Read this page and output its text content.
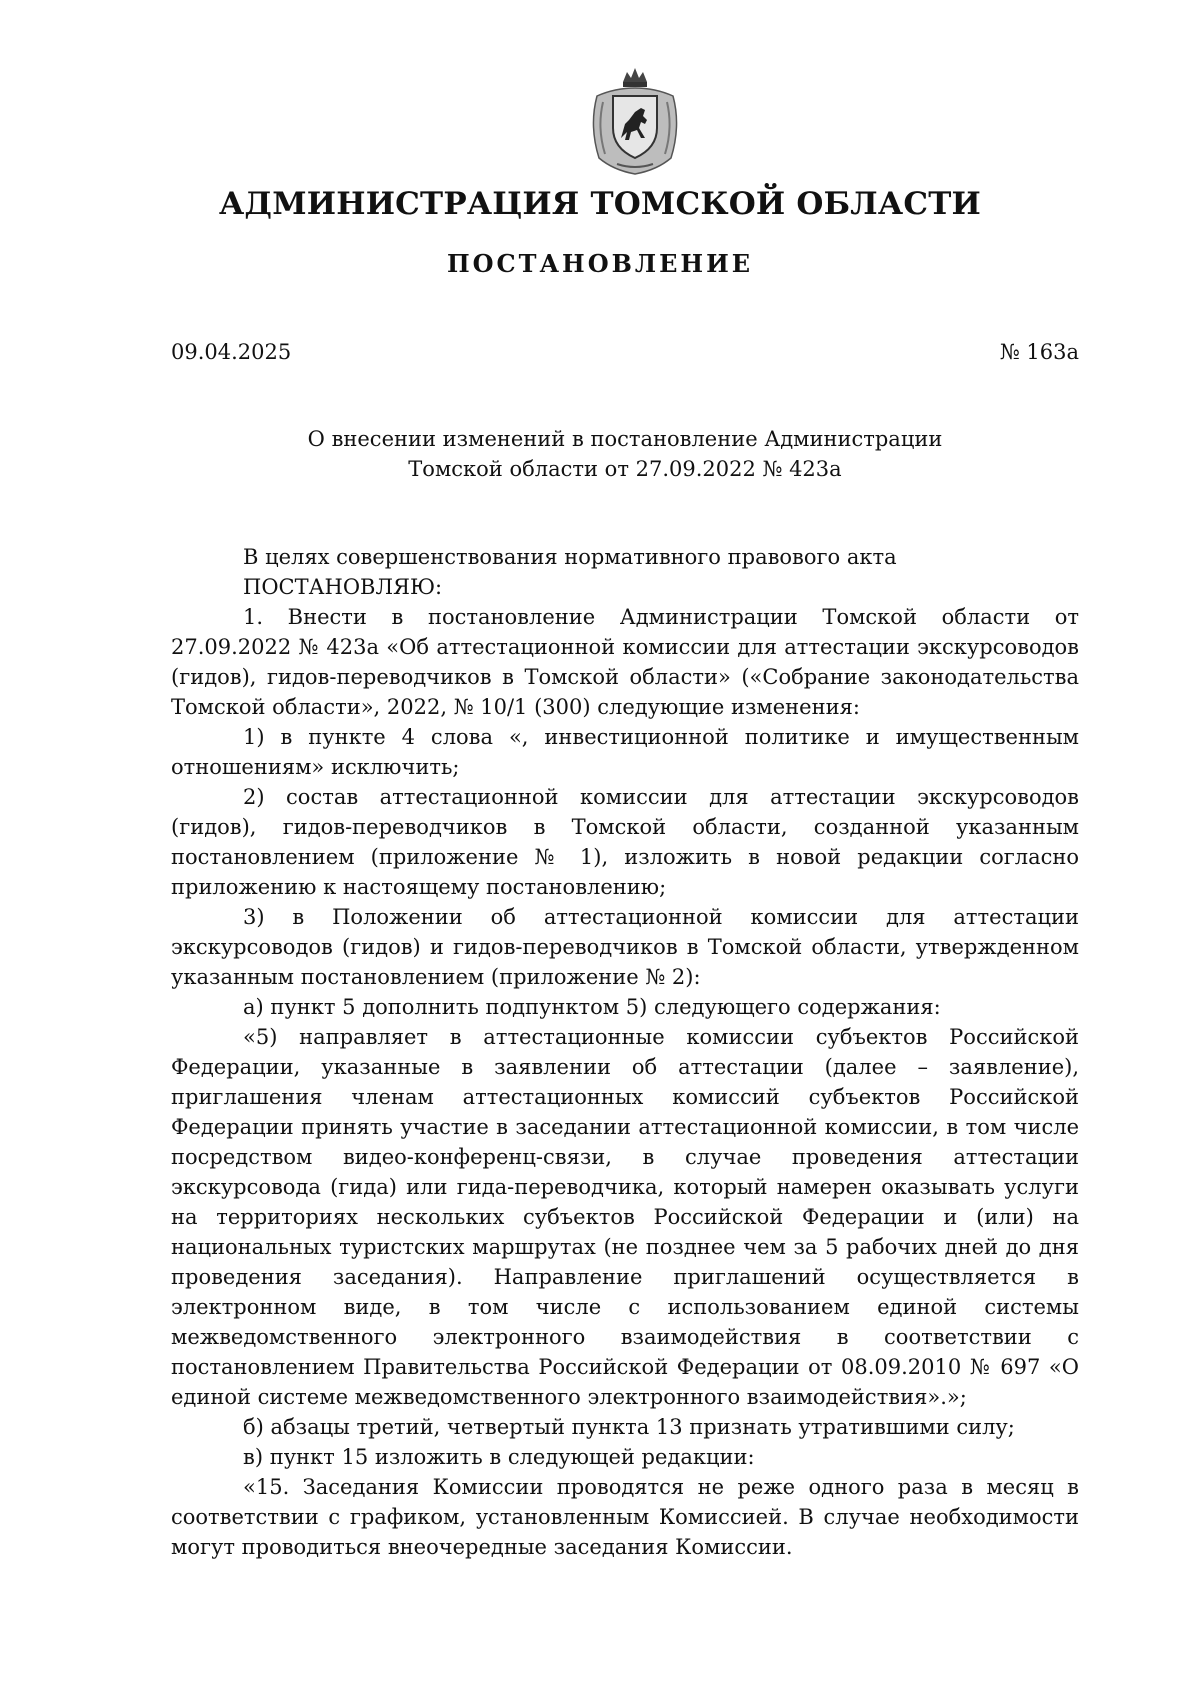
АДМИНИСТРАЦИЯ ТОМСКОЙ ОБЛАСТИ
ПОСТАНОВЛЕНИЕ
09.04.2025	№ 163а
О внесении изменений в постановление Администрации
Томской области от 27.09.2022 № 423а

В целях совершенствования нормативного правового акта

ПОСТАНОВЛЯЮ:

1. Внести в постановление Администрации Томской области от 27.09.2022 № 423а «Об аттестационной комиссии для аттестации экскурсоводов (гидов), гидов-переводчиков в Томской области» («Собрание законодательства Томской области», 2022, № 10/1 (300) следующие изменения:

1) в пункте 4 слова «, инвестиционной политике и имущественным отношениям» исключить;

2) состав аттестационной комиссии для аттестации экскурсоводов (гидов), гидов-переводчиков в Томской области, созданной указанным постановлением (приложение № 1), изложить в новой редакции согласно приложению к настоящему постановлению;

3) в Положении об аттестационной комиссии для аттестации экскурсоводов (гидов) и гидов-переводчиков в Томской области, утвержденном указанным постановлением (приложение № 2):

а) пункт 5 дополнить подпунктом 5) следующего содержания:

«5) направляет в аттестационные комиссии субъектов Российской Федерации, указанные в заявлении об аттестации (далее – заявление), приглашения членам аттестационных комиссий субъектов Российской Федерации принять участие в заседании аттестационной комиссии, в том числе посредством видео-конференц-связи, в случае проведения аттестации экскурсовода (гида) или гида-переводчика, который намерен оказывать услуги на территориях нескольких субъектов Российской Федерации и (или) на национальных туристских маршрутах (не позднее чем за 5 рабочих дней до дня проведения заседания). Направление приглашений осуществляется в электронном виде, в том числе с использованием единой системы межведомственного электронного взаимодействия в соответствии с постановлением Правительства Российской Федерации от 08.09.2010 № 697 «О единой системе межведомственного электронного взаимодействия».»;

б) абзацы третий, четвертый пункта 13 признать утратившими силу;

в) пункт 15 изложить в следующей редакции:

«15. Заседания Комиссии проводятся не реже одного раза в месяц в соответствии с графиком, установленным Комиссией. В случае необходимости могут проводиться внеочередные заседания Комиссии.
